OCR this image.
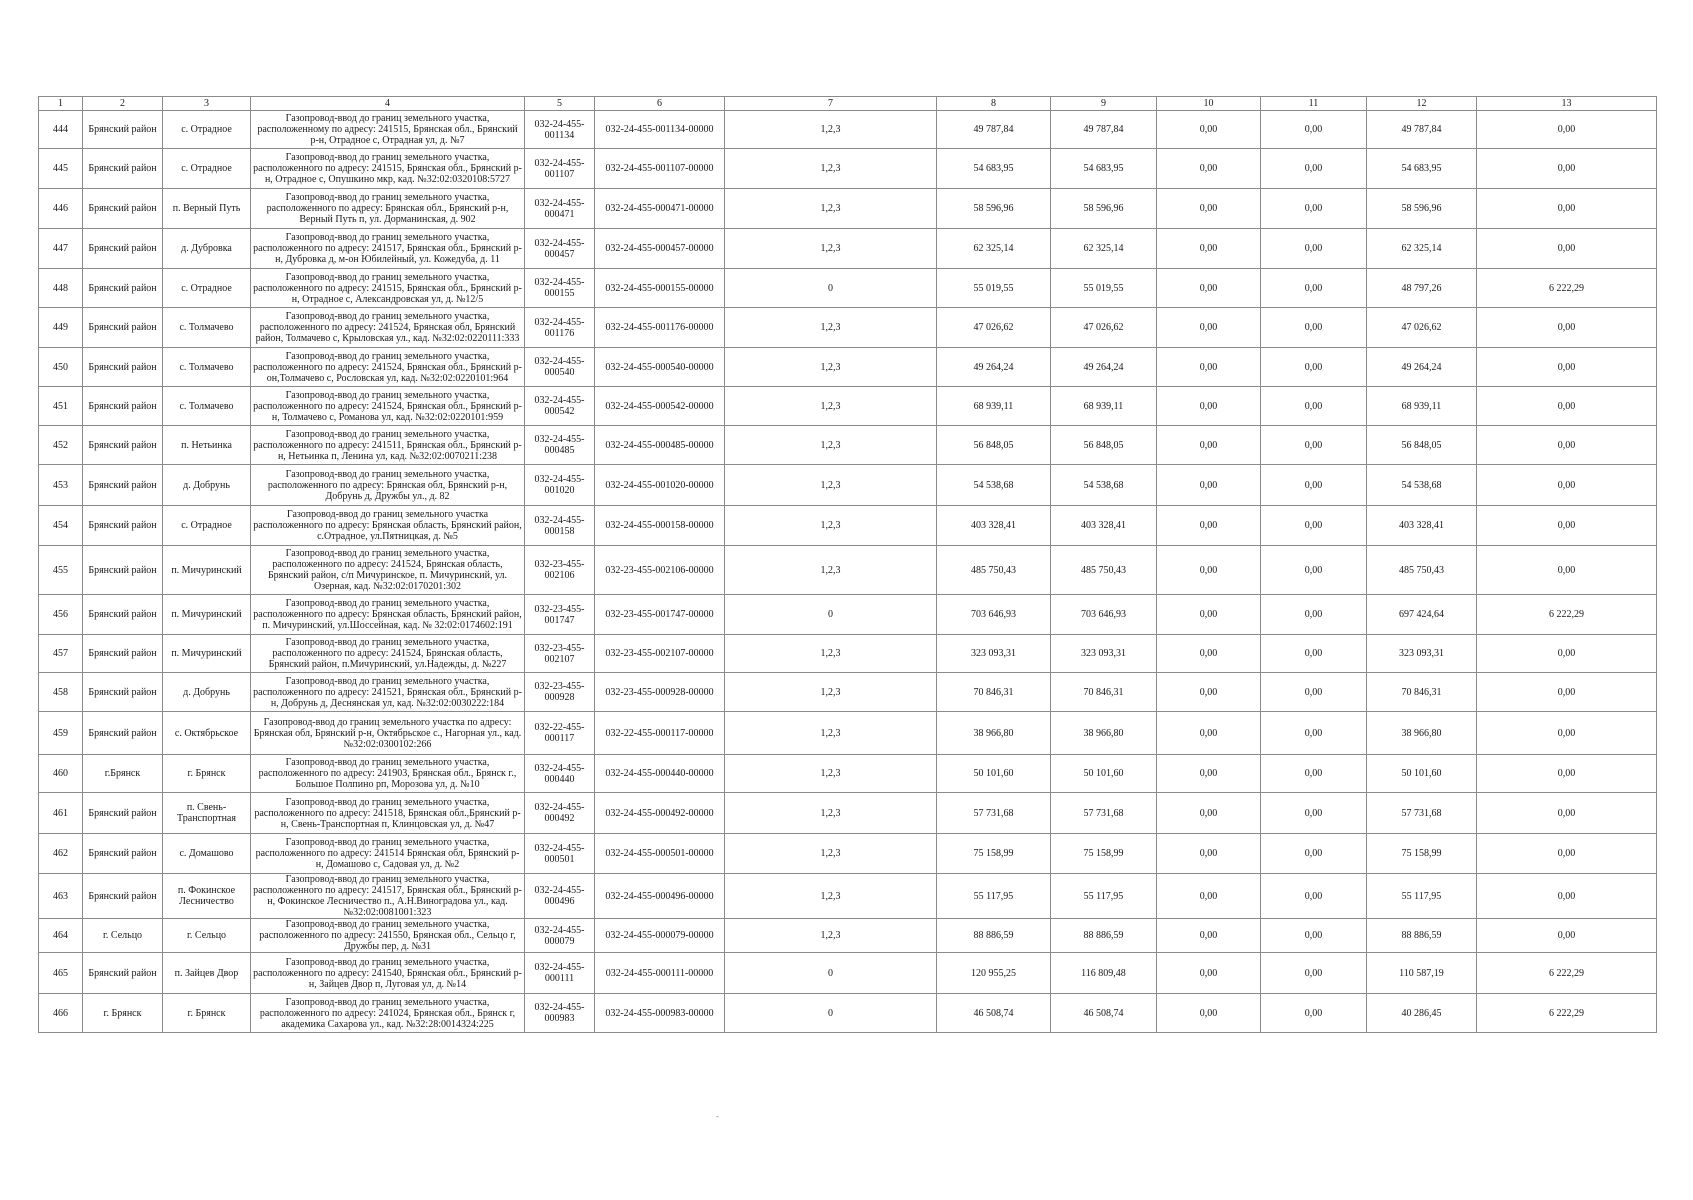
1	2	3	4	5	6	7	8	9	10	11	12	13
444	Брянский район	с. Отрадное	Газопровод-ввод до границ земельного участка, расположенному по адресу: 241515, Брянская обл., Брянский р-н, Отрадное с, Отрадная ул, д. №7	032-24-455-001134	032-24-455-001134-00000	1,2,3	49 787,84	49 787,84	0,00	0,00	49 787,84	0,00
445	Брянский район	с. Отрадное	Газопровод-ввод до границ земельного участка, расположенного по адресу: 241515, Брянская обл., Брянский р-н, Отрадное с, Опушкино мкр, кад. №32:02:0320108:5727	032-24-455-001107	032-24-455-001107-00000	1,2,3	54 683,95	54 683,95	0,00	0,00	54 683,95	0,00
446	Брянский район	п. Верный Путь	Газопровод-ввод до границ земельного участка, расположенного по адресу: Брянская обл., Брянский р-н, Верный Путь п, ул. Дорманинская, д. 902	032-24-455-000471	032-24-455-000471-00000	1,2,3	58 596,96	58 596,96	0,00	0,00	58 596,96	0,00
447	Брянский район	д. Дубровка	Газопровод-ввод до границ земельного участка, расположенного по адресу: 241517, Брянская обл., Брянский р-н, Дубровка д, м-он Юбилейный, ул. Кожедуба, д. 11	032-24-455-000457	032-24-455-000457-00000	1,2,3	62 325,14	62 325,14	0,00	0,00	62 325,14	0,00
448	Брянский район	с. Отрадное	Газопровод-ввод до границ земельного участка, расположенного по адресу: 241515, Брянская обл., Брянский р-н, Отрадное с, Александровская ул, д. №12/5	032-24-455-000155	032-24-455-000155-00000	0	55 019,55	55 019,55	0,00	0,00	48 797,26	6 222,29
449	Брянский район	с. Толмачево	Газопровод-ввод до границ земельного участка, расположенного по адресу: 241524, Брянская обл, Брянский район, Толмачево с, Крыловская ул., кад. №32:02:0220111:333	032-24-455-001176	032-24-455-001176-00000	1,2,3	47 026,62	47 026,62	0,00	0,00	47 026,62	0,00
450	Брянский район	с. Толмачево	Газопровод-ввод до границ земельного участка, расположенного по адресу: 241524, Брянская обл., Брянский р-он,Толмачево с, Рословская ул, кад. №32:02:0220101:964	032-24-455-000540	032-24-455-000540-00000	1,2,3	49 264,24	49 264,24	0,00	0,00	49 264,24	0,00
451	Брянский район	с. Толмачево	Газопровод-ввод до границ земельного участка, расположенного по адресу: 241524, Брянская обл., Брянский р-н, Толмачево с, Романова ул, кад. №32:02:0220101:959	032-24-455-000542	032-24-455-000542-00000	1,2,3	68 939,11	68 939,11	0,00	0,00	68 939,11	0,00
452	Брянский район	п. Нетьинка	Газопровод-ввод до границ земельного участка, расположенного по адресу: 241511, Брянская обл., Брянский р-н, Нетьинка п, Ленина ул, кад. №32:02:0070211:238	032-24-455-000485	032-24-455-000485-00000	1,2,3	56 848,05	56 848,05	0,00	0,00	56 848,05	0,00
453	Брянский район	д. Добрунь	Газопровод-ввод до границ земельного участка, расположенного по адресу: Брянская обл, Брянский р-н, Добрунь д, Дружбы ул., д. 82	032-24-455-001020	032-24-455-001020-00000	1,2,3	54 538,68	54 538,68	0,00	0,00	54 538,68	0,00
454	Брянский район	с. Отрадное	Газопровод-ввод до границ земельного участка расположенного по адресу: Брянская область, Брянский район, с.Отрадное, ул.Пятницкая, д. №5	032-24-455-000158	032-24-455-000158-00000	1,2,3	403 328,41	403 328,41	0,00	0,00	403 328,41	0,00
455	Брянский район	п. Мичуринский	Газопровод-ввод до границ земельного участка, расположенного по адресу: 241524, Брянская область, Брянский район, с/п Мичуринское, п. Мичуринский, ул. Озерная, кад. №32:02:0170201:302	032-23-455-002106	032-23-455-002106-00000	1,2,3	485 750,43	485 750,43	0,00	0,00	485 750,43	0,00
456	Брянский район	п. Мичуринский	Газопровод-ввод до границ земельного участка, расположенного по адресу: Брянская область, Брянский район, п. Мичуринский, ул.Шоссейная, кад. № 32:02:0174602:191	032-23-455-001747	032-23-455-001747-00000	0	703 646,93	703 646,93	0,00	0,00	697 424,64	6 222,29
457	Брянский район	п. Мичуринский	Газопровод-ввод до границ земельного участка, расположенного по адресу: 241524, Брянская область, Брянский район, п.Мичуринский, ул.Надежды, д. №227	032-23-455-002107	032-23-455-002107-00000	1,2,3	323 093,31	323 093,31	0,00	0,00	323 093,31	0,00
458	Брянский район	д. Добрунь	Газопровод-ввод до границ земельного участка, расположенного по адресу: 241521, Брянская обл., Брянский р-н, Добрунь д, Деснянская ул, кад. №32:02:0030222:184	032-23-455-000928	032-23-455-000928-00000	1,2,3	70 846,31	70 846,31	0,00	0,00	70 846,31	0,00
459	Брянский район	с. Октябрьское	Газопровод-ввод до границ земельного участка по адресу: Брянская обл, Брянский р-н, Октябрьское с., Нагорная ул., кад. №32:02:0300102:266	032-22-455-000117	032-22-455-000117-00000	1,2,3	38 966,80	38 966,80	0,00	0,00	38 966,80	0,00
460	г.Брянск	г. Брянск	Газопровод-ввод до границ земельного участка, расположенного по адресу: 241903, Брянская обл., Брянск г., Большое Полпино рп, Морозова ул, д. №10	032-24-455-000440	032-24-455-000440-00000	1,2,3	50 101,60	50 101,60	0,00	0,00	50 101,60	0,00
461	Брянский район	п. Свень-Транспортная	Газопровод-ввод до границ земельного участка, расположенного по адресу: 241518, Брянская обл.,Брянский р-н, Свень-Транспортная п, Клинцовская ул, д. №47	032-24-455-000492	032-24-455-000492-00000	1,2,3	57 731,68	57 731,68	0,00	0,00	57 731,68	0,00
462	Брянский район	с. Домашово	Газопровод-ввод до границ земельного участка, расположенного по адресу: 241514 Брянская обл, Брянский р-н, Домашово с, Садовая ул, д. №2	032-24-455-000501	032-24-455-000501-00000	1,2,3	75 158,99	75 158,99	0,00	0,00	75 158,99	0,00
463	Брянский район	п. Фокинское Лесничество	Газопровод-ввод до границ земельного участка, расположенного по адресу: 241517, Брянская обл., Брянский р-н, Фокинское Лесничество п., А.Н.Виноградова ул., кад. №32:02:0081001:323	032-24-455-000496	032-24-455-000496-00000	1,2,3	55 117,95	55 117,95	0,00	0,00	55 117,95	0,00
464	г. Сельцо	г. Сельцо	Газопровод-ввод до границ земельного участка, расположенного по адресу: 241550, Брянская обл., Сельцо г, Дружбы пер, д. №31	032-24-455-000079	032-24-455-000079-00000	1,2,3	88 886,59	88 886,59	0,00	0,00	88 886,59	0,00
465	Брянский район	п. Зайцев Двор	Газопровод-ввод до границ земельного участка, расположенного по адресу: 241540, Брянская обл., Брянский р-н, Зайцев Двор п, Луговая ул, д. №14	032-24-455-000111	032-24-455-000111-00000	0	120 955,25	116 809,48	0,00	0,00	110 587,19	6 222,29
466	г. Брянск	г. Брянск	Газопровод-ввод до границ земельного участка, расположенного по адресу: 241024, Брянская обл., Брянск г, академика Сахарова ул., кад. №32:28:0014324:225	032-24-455-000983	032-24-455-000983-00000	0	46 508,74	46 508,74	0,00	0,00	40 286,45	6 222,29
-
